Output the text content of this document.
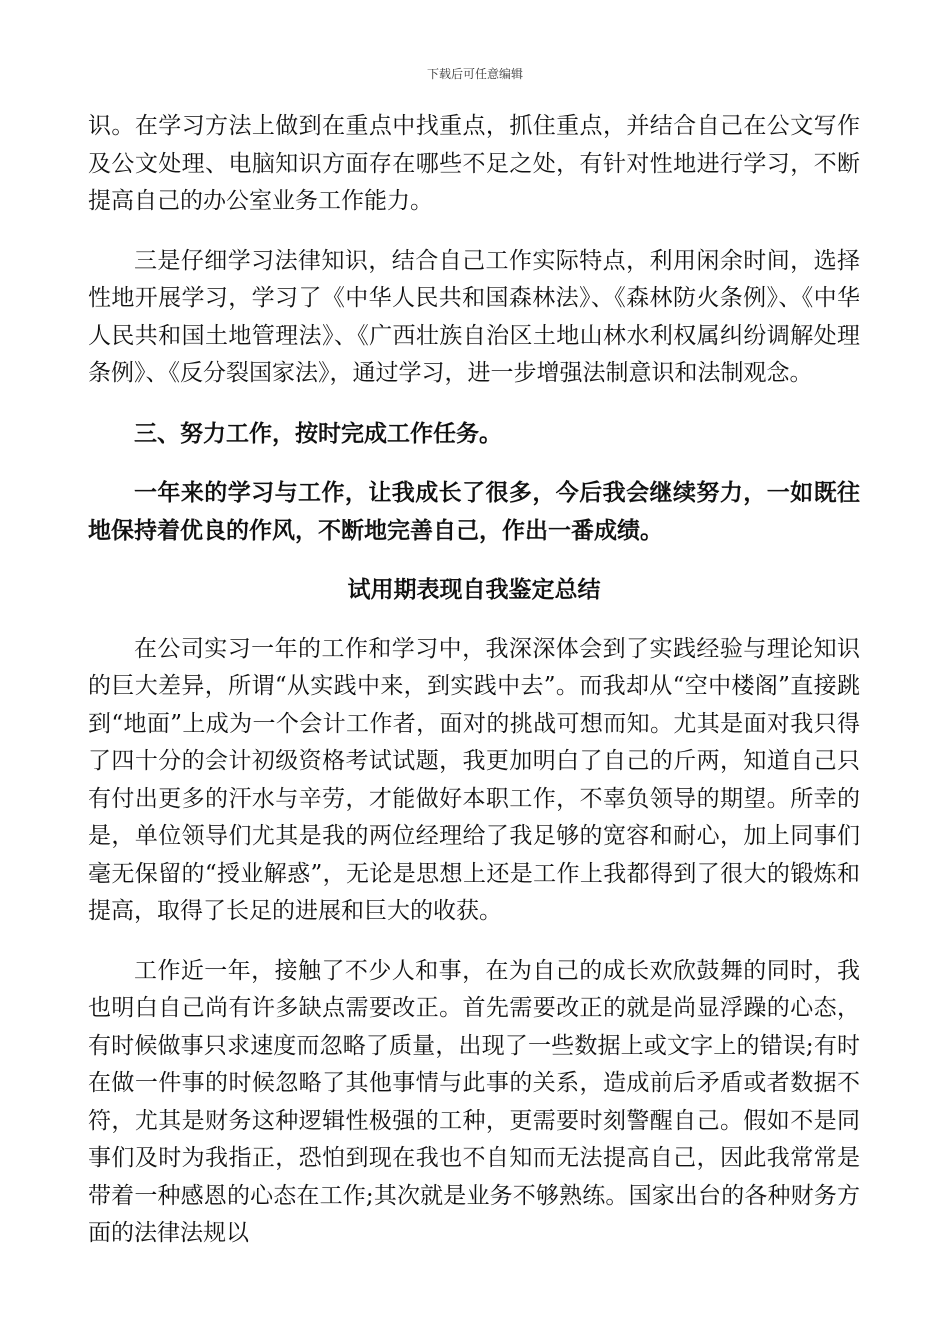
下载后可任意编辑

识。在学习方法上做到在重点中找重点，抓住重点，并结合自己在公文写作及公文处理、电脑知识方面存在哪些不足之处，有针对性地进行学习，不断提高自己的办公室业务工作能力。

三是仔细学习法律知识，结合自己工作实际特点，利用闲余时间，选择性地开展学习，学习了《中华人民共和国森林法》、《森林防火条例》、《中华人民共和国土地管理法》、《广西壮族自治区土地山林水利权属纠纷调解处理条例》、《反分裂国家法》，通过学习，进一步增强法制意识和法制观念。

三、努力工作，按时完成工作任务。

一年来的学习与工作，让我成长了很多，今后我会继续努力，一如既往地保持着优良的作风，不断地完善自己，作出一番成绩。

试用期表现自我鉴定总结

在公司实习一年的工作和学习中，我深深体会到了实践经验与理论知识的巨大差异，所谓“从实践中来，到实践中去”。而我却从“空中楼阁”直接跳到“地面”上成为一个会计工作者，面对的挑战可想而知。尤其是面对我只得了四十分的会计初级资格考试试题，我更加明白了自己的斤两，知道自己只有付出更多的汗水与辛劳，才能做好本职工作，不辜负领导的期望。所幸的是，单位领导们尤其是我的两位经理给了我足够的宽容和耐心，加上同事们毫无保留的“授业解惑”，无论是思想上还是工作上我都得到了很大的锻炼和提高，取得了长足的进展和巨大的收获。

工作近一年，接触了不少人和事，在为自己的成长欢欣鼓舞的同时，我也明白自己尚有许多缺点需要改正。首先需要改正的就是尚显浮躁的心态，有时候做事只求速度而忽略了质量，出现了一些数据上或文字上的错误;有时在做一件事的时候忽略了其他事情与此事的关系，造成前后矛盾或者数据不符，尤其是财务这种逻辑性极强的工种，更需要时刻警醒自己。假如不是同事们及时为我指正，恐怕到现在我也不自知而无法提高自己，因此我常常是带着一种感恩的心态在工作;其次就是业务不够熟练。国家出台的各种财务方面的法律法规以
